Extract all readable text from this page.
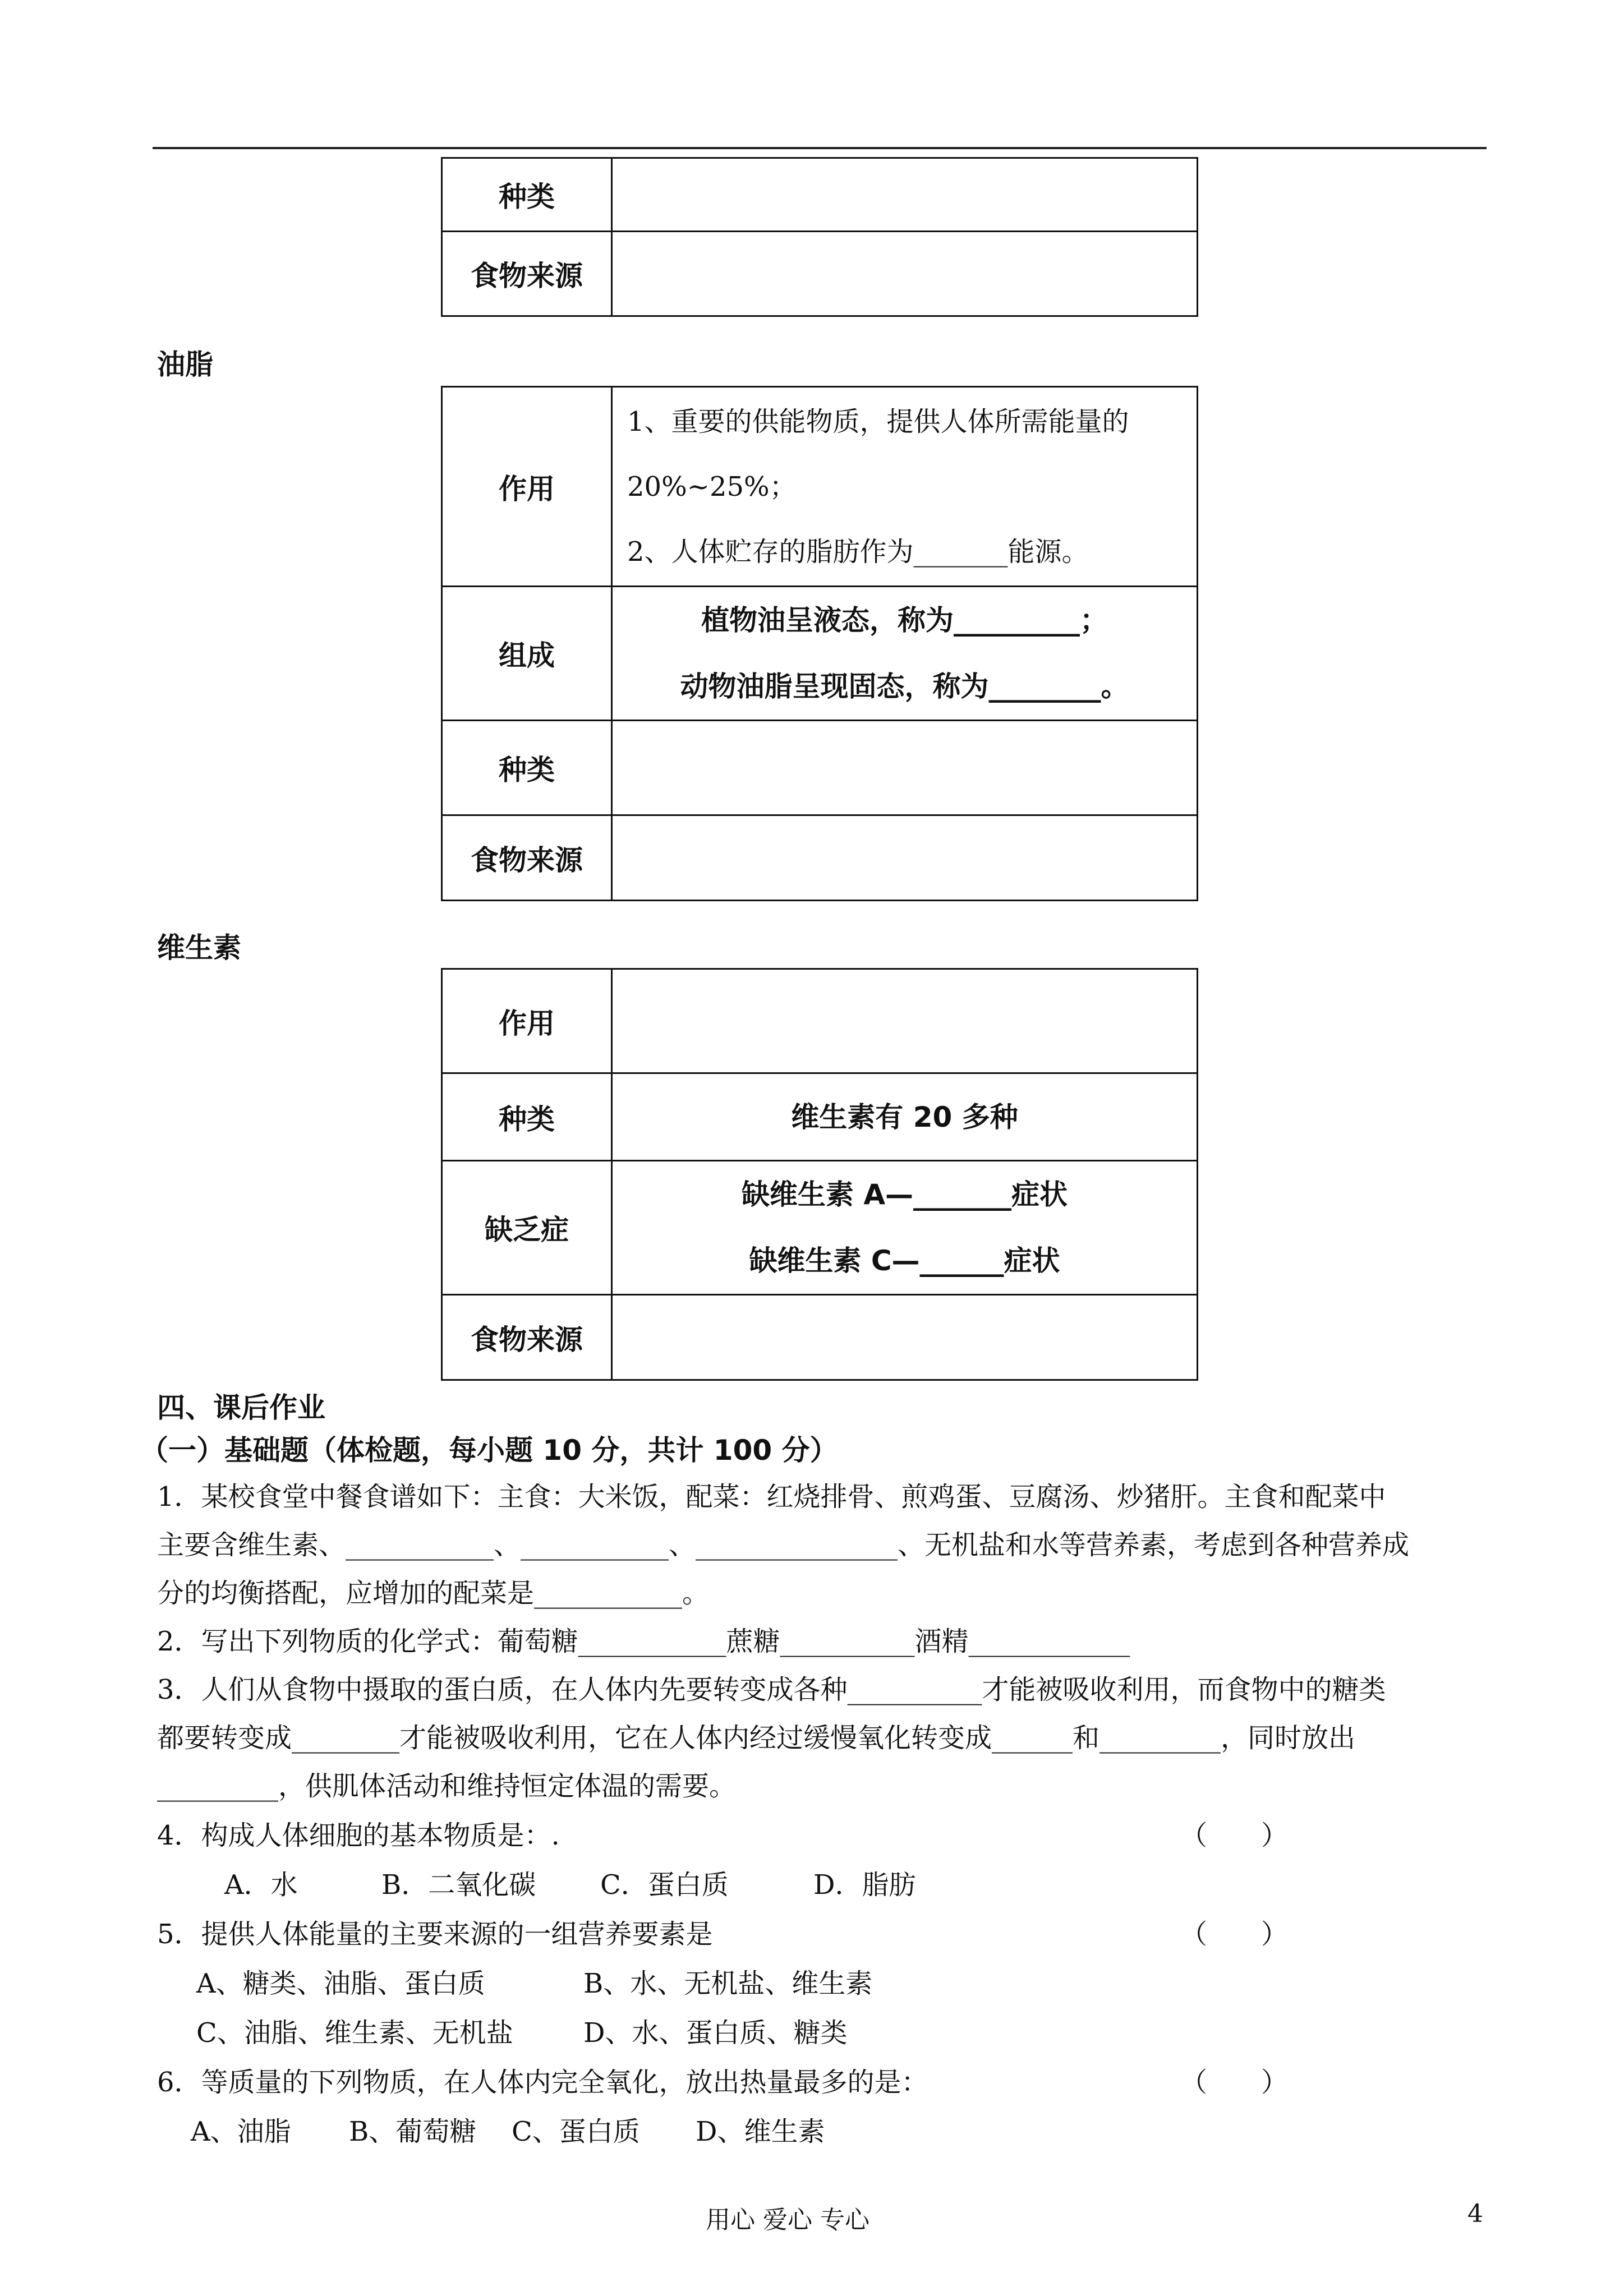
种类	
食物来源	
油脂
作用	1、重要的供能物质，提供人体所需能量的
20%~25%；
2、人体贮存的脂肪作为_______能源。

组成	植物油呈液态，称为_________；
动物油脂呈现固态，称为________。

种类	
食物来源	
维生素
作用	
种类	维生素有 20 多种
缺乏症	缺维生素 A—_______症状
缺维生素 C—______症状

食物来源	
四、课后作业
（一）基础题（体检题，每小题 10 分，共计 100 分）
1．某校食堂中餐食谱如下：主食：大米饭，配菜：红烧排骨、煎鸡蛋、豆腐汤、炒猪肝。主食和配菜中
主要含维生素、___________、___________、_______________、无机盐和水等营养素，考虑到各种营养成
分的均衡搭配，应增加的配菜是___________。
2．写出下列物质的化学式：葡萄糖___________蔗糖__________酒精____________
3．人们从食物中摄取的蛋白质，在人体内先要转变成各种__________才能被吸收利用，而食物中的糖类
都要转变成________才能被吸收利用，它在人体内经过缓慢氧化转变成______和_________，同时放出
_________，供肌体活动和维持恒定体温的需要。
4．构成人体细胞的基本物质是：.	（　　）
A．水	B．二氧化碳 C．蛋白质	D．脂肪
5．提供人体能量的主要来源的一组营养要素是	（　　）
A、糖类、油脂、蛋白质	B、水、无机盐、维生素
C、油脂、维生素、无机盐	D、水、蛋白质、糖类
6．等质量的下列物质，在人体内完全氧化，放出热量最多的是：	（　　）
A、油脂 B、葡萄糖 C、蛋白质 D、维生素
用心 爱心 专心	4
